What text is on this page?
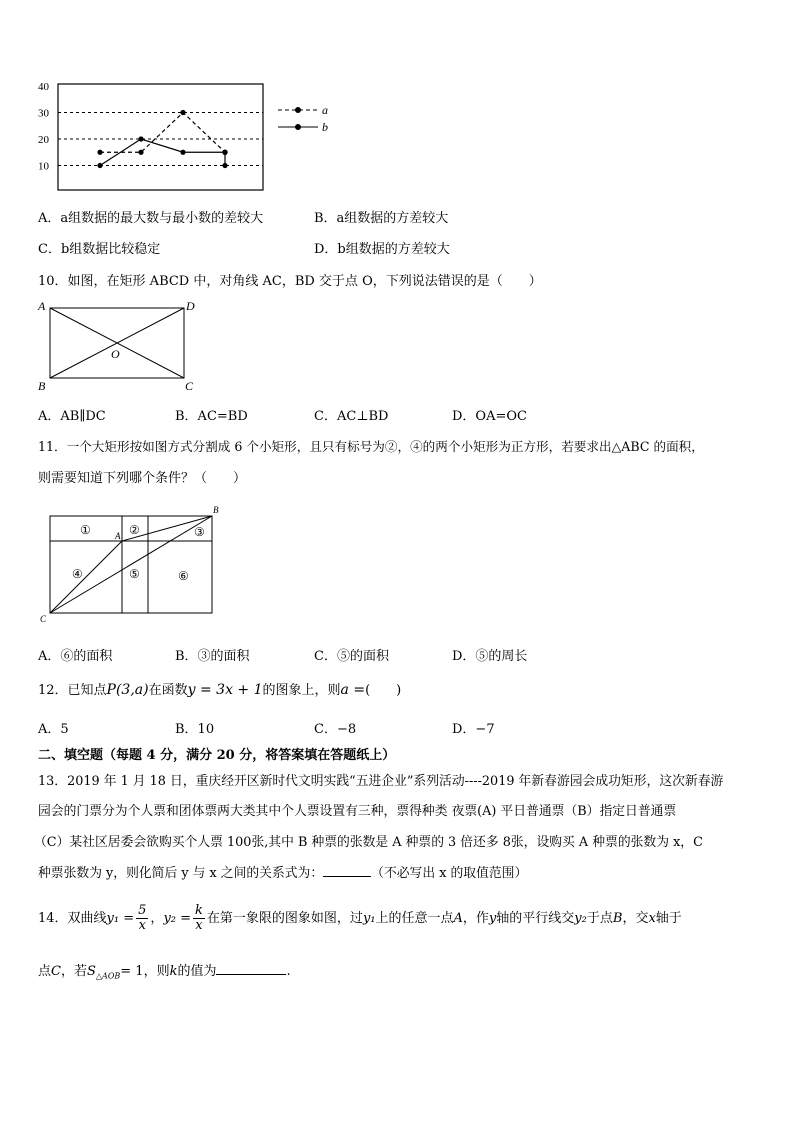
40
30
20
10
a
b
A．a组数据的最大数与最小数的差较大	B．a组数据的方差较大
C．b组数据比较稳定	D．b组数据的方差较大
10．如图，在矩形 ABCD 中，对角线 AC，BD 交于点 O，下列说法错误的是（　　）
A	D
B	C
O
A．AB∥DC	B．AC=BD	C．AC⊥BD	D．OA=OC
11．一个大矩形按如图方式分割成 6 个小矩形，且只有标号为②，④的两个小矩形为正方形，若要求出△ABC 的面积，
则需要知道下列哪个条件？（　　）
①	②	③
④	⑤	⑥
A
B
C
A．⑥的面积	B．③的面积	C．⑤的面积	D．⑤的周长
12．已知点P(3,a)在函数y = 3x + 1的图象上，则a =(　　)
A．5	B．10	C．−8	D．−7
二、填空题（每题 4 分，满分 20 分，将答案填在答题纸上）
13．2019 年 1 月 18 日，重庆经开区新时代文明实践“五进企业”系列活动----2019 年新春游园会成功矩形，这次新春游
园会的门票分为个人票和团体票两大类其中个人票设置有三种，票得种类 夜票(A) 平日普通票（B）指定日普通票
（C）某社区居委会欲购买个人票 100张,其中 B 种票的张数是 A 种票的 3 倍还多 8张，设购买 A 种票的张数为 x，C
种票张数为 y，则化简后 y 与 x 之间的关系式为：	（不必写出 x 的取值范围）
14．双曲线$y_1 = \frac{5}{x}$ ，$y_2 = \frac{k}{x}$ 在第一象限的图象如图，过y₁上的任意一点A，作y轴的平行线交y₂于点B，交x轴于
点C，若$S_{\triangle AOB}= 1$，则k的值为	.
